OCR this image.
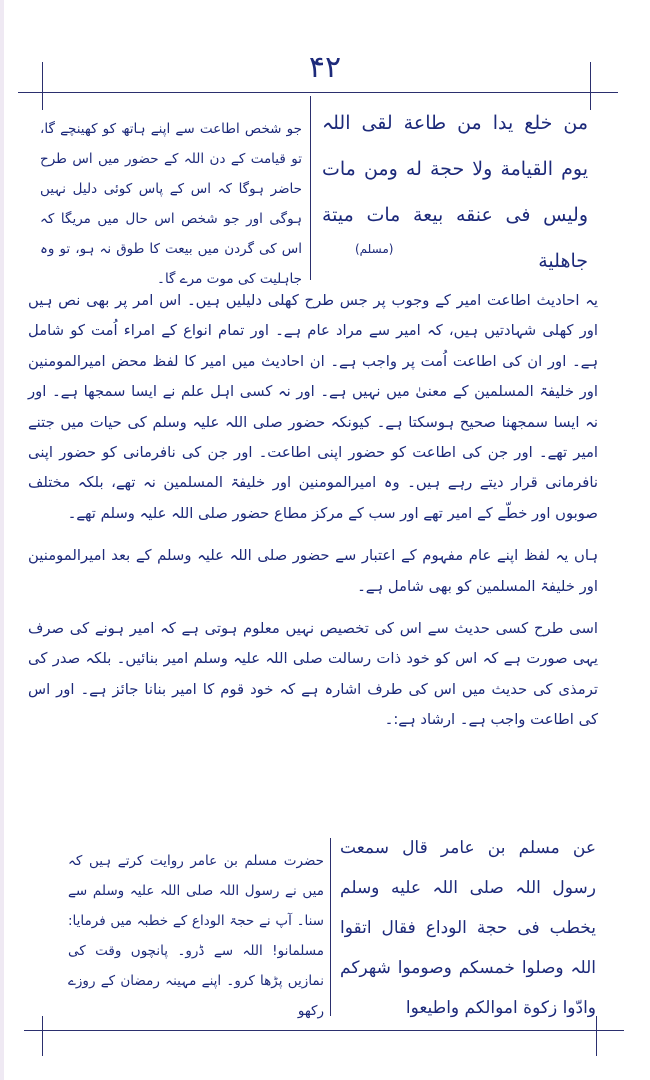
۴۲

من خلع یدا من طاعة لقی اللہ یوم القیامة ولا حجة له ومن مات ولیس فی عنقه بیعة مات میتة جاهلیة

(مسلم)

جو شخص اطاعت سے اپنے ہاتھ کو کھینچے گا، تو قیامت کے دن اللہ کے حضور میں اس طرح حاضر ہوگا کہ اس کے پاس کوئی دلیل نہیں ہوگی اور جو شخص اس حال میں مریگا کہ اس کی گردن میں بیعت کا طوق نہ ہو، تو وہ جاہلیت کی موت مرے گا۔

یہ احادیث اطاعت امیر کے وجوب پر جس طرح کھلی دلیلیں ہیں۔ اس امر پر بھی نص ہیں اور کھلی شہادتیں ہیں، کہ امیر سے مراد عام ہے۔ اور تمام انواع کے امراء اُمت کو شامل ہے۔ اور ان کی اطاعت اُمت پر واجب ہے۔ ان احادیث میں امیر کا لفظ محض امیرالمومنین اور خلیفۃ المسلمین کے معنیٰ میں نہیں ہے۔ اور نہ کسی اہل علم نے ایسا سمجھا ہے۔ اور نہ ایسا سمجھنا صحیح ہوسکتا ہے۔ کیونکہ حضور صلی اللہ علیہ وسلم کی حیات میں جتنے امیر تھے۔ اور جن کی اطاعت کو حضور اپنی اطاعت۔ اور جن کی نافرمانی کو حضور اپنی نافرمانی قرار دیتے رہے ہیں۔ وہ امیرالمومنین اور خلیفۃ المسلمین نہ تھے، بلکہ مختلف صوبوں اور خطّے کے امیر تھے اور سب کے مرکز مطاع حضور صلی اللہ علیہ وسلم تھے۔

ہاں یہ لفظ اپنے عام مفہوم کے اعتبار سے حضور صلی اللہ علیہ وسلم کے بعد امیرالمومنین اور خلیفۃ المسلمین کو بھی شامل ہے۔

اسی طرح کسی حدیث سے اس کی تخصیص نہیں معلوم ہوتی ہے کہ امیر ہونے کی صرف یہی صورت ہے کہ اس کو خود ذات رسالت صلی اللہ علیہ وسلم امیر بنائیں۔ بلکہ صدر کی ترمذی کی حدیث میں اس کی طرف اشارہ ہے کہ خود قوم کا امیر بنانا جائز ہے۔ اور اس کی اطاعت واجب ہے۔ ارشاد ہے:۔

عن مسلم بن عامر قال سمعت رسول اللہ صلی اللہ علیه وسلم یخطب فی حجة الوداع فقال اتقوا اللہ وصلوا خمسکم وصوموا شهرکم وادّوا زکوة اموالکم واطیعوا

حضرت مسلم بن عامر روایت کرتے ہیں کہ میں نے رسول اللہ صلی اللہ علیہ وسلم سے سنا۔ آپ نے حجۃ الوداع کے خطبہ میں فرمایا: مسلمانو! اللہ سے ڈرو۔ پانچوں وقت کی نمازیں پڑھا کرو۔ اپنے مہینہ رمضان کے روزے رکھو
